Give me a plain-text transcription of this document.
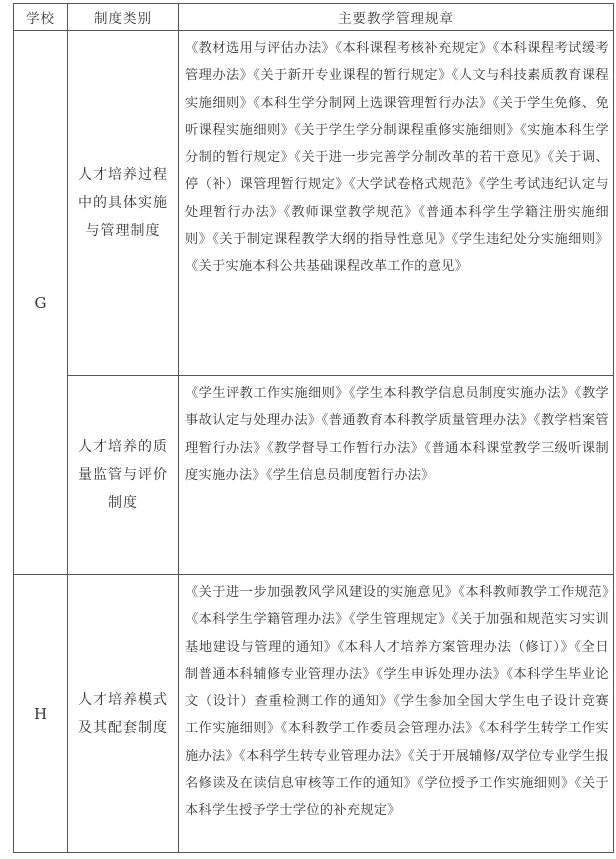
学校	制度类别	主要教学管理规章
G	人才培养过程中的具体实施与管理制度	《教材选用与评估办法》《本科课程考核补充规定》《本科课程考试缓考管理办法》《关于新开专业课程的暂行规定》《人文与科技素质教育课程实施细则》《本科生学分制网上选课管理暂行办法》《关于学生免修、免听课程实施细则》《关于学生学分制课程重修实施细则》《实施本科生学分制的暂行规定》《关于进一步完善学分制改革的若干意见》《关于调、停（补）课管理暂行规定》《大学试卷格式规范》《学生考试违纪认定与处理暂行办法》《教师课堂教学规范》《普通本科学生学籍注册实施细则》《关于制定课程教学大纲的指导性意见》《学生违纪处分实施细则》《关于实施本科公共基础课程改革工作的意见》
	人才培养的质量监管与评价制度	《学生评教工作实施细则》《学生本科教学信息员制度实施办法》《教学事故认定与处理办法》《普通教育本科教学质量管理办法》《教学档案管理暂行办法》《教学督导工作暂行办法》《普通本科课堂教学三级听课制度实施办法》《学生信息员制度暂行办法》
H	人才培养模式及其配套制度	《关于进一步加强教风学风建设的实施意见》《本科教师教学工作规范》《本科学生学籍管理办法》《学生管理规定》《关于加强和规范实习实训基地建设与管理的通知》《本科人才培养方案管理办法（修订）》《全日制普通本科辅修专业管理办法》《学生申诉处理办法》《本科学生毕业论文（设计）查重检测工作的通知》《学生参加全国大学生电子设计竞赛工作实施细则》《本科教学工作委员会管理办法》《本科学生转学工作实施办法》《本科学生转专业管理办法》《关于开展辅修/双学位专业学生报名修读及在读信息审核等工作的通知》《学位授予工作实施细则》《关于本科学生授予学士学位的补充规定》
